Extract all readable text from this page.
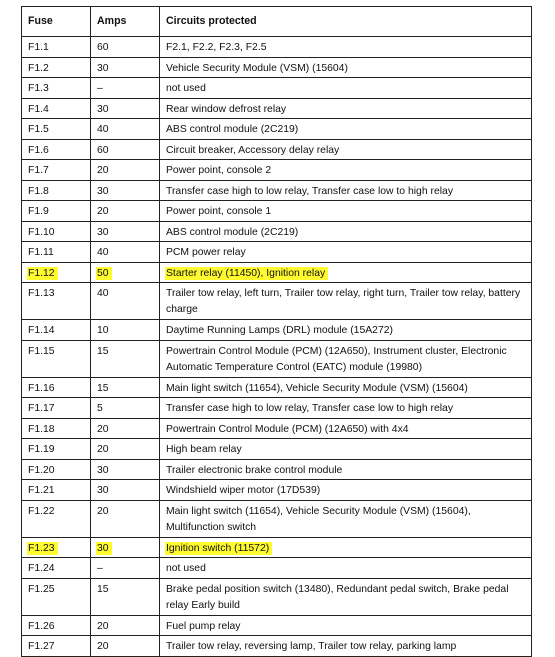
Fuse	Amps	Circuits protected
F1.1	60	F2.1, F2.2, F2.3, F2.5
F1.2	30	Vehicle Security Module (VSM) (15604)
F1.3	–	not used
F1.4	30	Rear window defrost relay
F1.5	40	ABS control module (2C219)
F1.6	60	Circuit breaker, Accessory delay relay
F1.7	20	Power point, console 2
F1.8	30	Transfer case high to low relay, Transfer case low to high relay
F1.9	20	Power point, console 1
F1.10	30	ABS control module (2C219)
F1.11	40	PCM power relay
F1.12	50	Starter relay (11450), Ignition relay
F1.13	40	Trailer tow relay, left turn, Trailer tow relay, right turn, Trailer tow relay, battery charge
F1.14	10	Daytime Running Lamps (DRL) module (15A272)
F1.15	15	Powertrain Control Module (PCM) (12A650), Instrument cluster, Electronic Automatic Temperature Control (EATC) module (19980)
F1.16	15	Main light switch (11654), Vehicle Security Module (VSM) (15604)
F1.17	5	Transfer case high to low relay, Transfer case low to high relay
F1.18	20	Powertrain Control Module (PCM) (12A650) with 4x4
F1.19	20	High beam relay
F1.20	30	Trailer electronic brake control module
F1.21	30	Windshield wiper motor (17D539)
F1.22	20	Main light switch (11654), Vehicle Security Module (VSM) (15604), Multifunction switch
F1.23	30	Ignition switch (11572)
F1.24	–	not used
F1.25	15	Brake pedal position switch (13480), Redundant pedal switch, Brake pedal relay Early build
F1.26	20	Fuel pump relay
F1.27	20	Trailer tow relay, reversing lamp, Trailer tow relay, parking lamp
